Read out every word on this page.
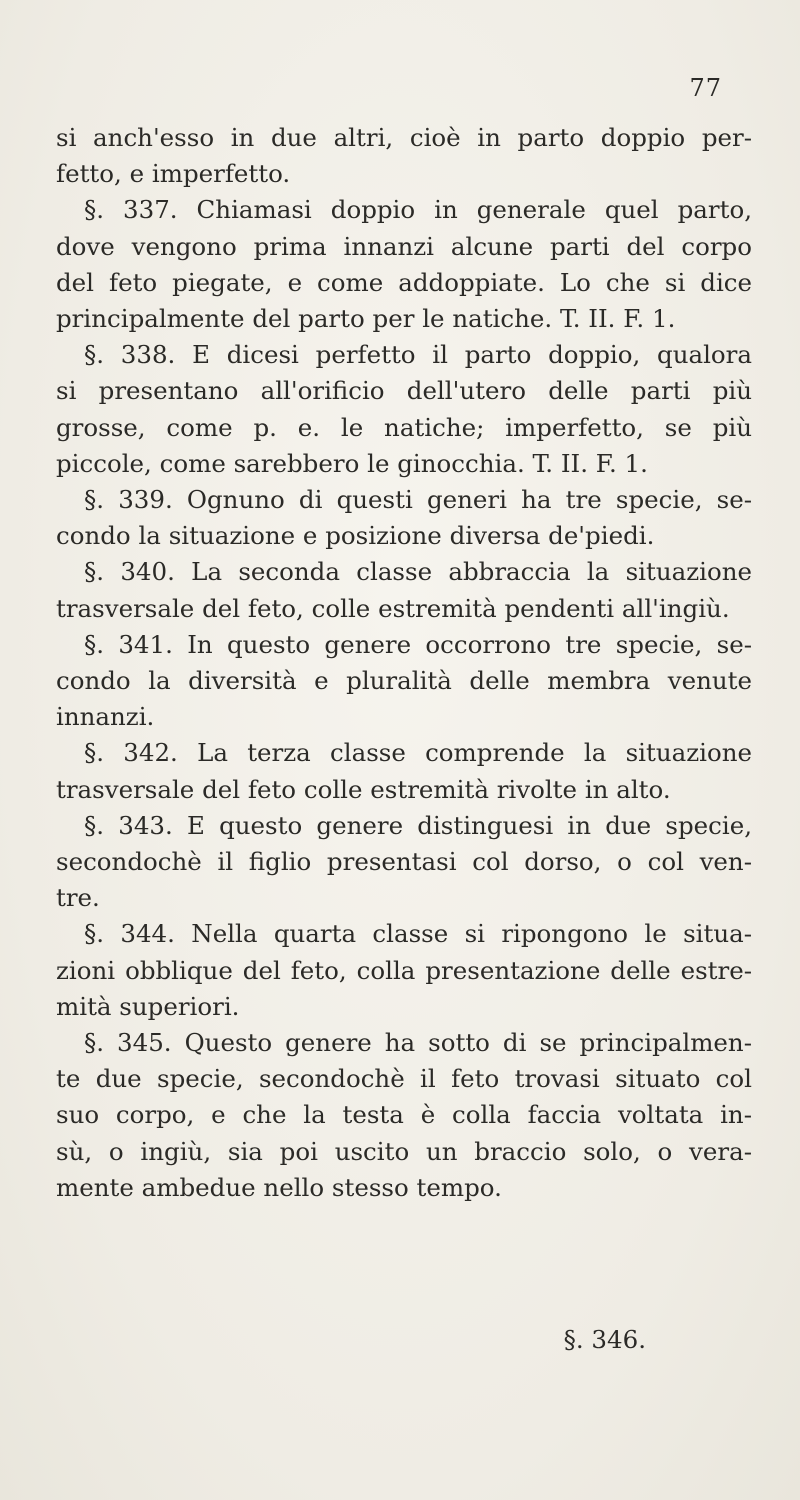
77
si anch'esso in due altri, cioè in parto doppio per-
fetto, e imperfetto.
§. 337. Chiamasi doppio in generale quel parto,
dove vengono prima innanzi alcune parti del corpo
del feto piegate, e come addoppiate. Lo che si dice
principalmente del parto per le natiche. T. II. F. 1.
§. 338. E dicesi perfetto il parto doppio, qualora
si presentano all'orificio dell'utero delle parti più
grosse, come p. e. le natiche; imperfetto, se più
piccole, come sarebbero le ginocchia. T. II. F. 1.
§. 339. Ognuno di questi generi ha tre specie, se-
condo la situazione e posizione diversa de'piedi.
§. 340. La seconda classe abbraccia la situazione
trasversale del feto, colle estremità pendenti all'ingiù.
§. 341. In questo genere occorrono tre specie, se-
condo la diversità e pluralità delle membra venute
innanzi.
§. 342. La terza classe comprende la situazione
trasversale del feto colle estremità rivolte in alto.
§. 343. E questo genere distinguesi in due specie,
secondochè il figlio presentasi col dorso, o col ven-
tre.
§. 344. Nella quarta classe si ripongono le situa-
zioni obblique del feto, colla presentazione delle estre-
mità superiori.
§. 345. Questo genere ha sotto di se principalmen-
te due specie, secondochè il feto trovasi situato col
suo corpo, e che la testa è colla faccia voltata in-
sù, o ingiù, sia poi uscito un braccio solo, o vera-
mente ambedue nello stesso tempo.
§. 346.
